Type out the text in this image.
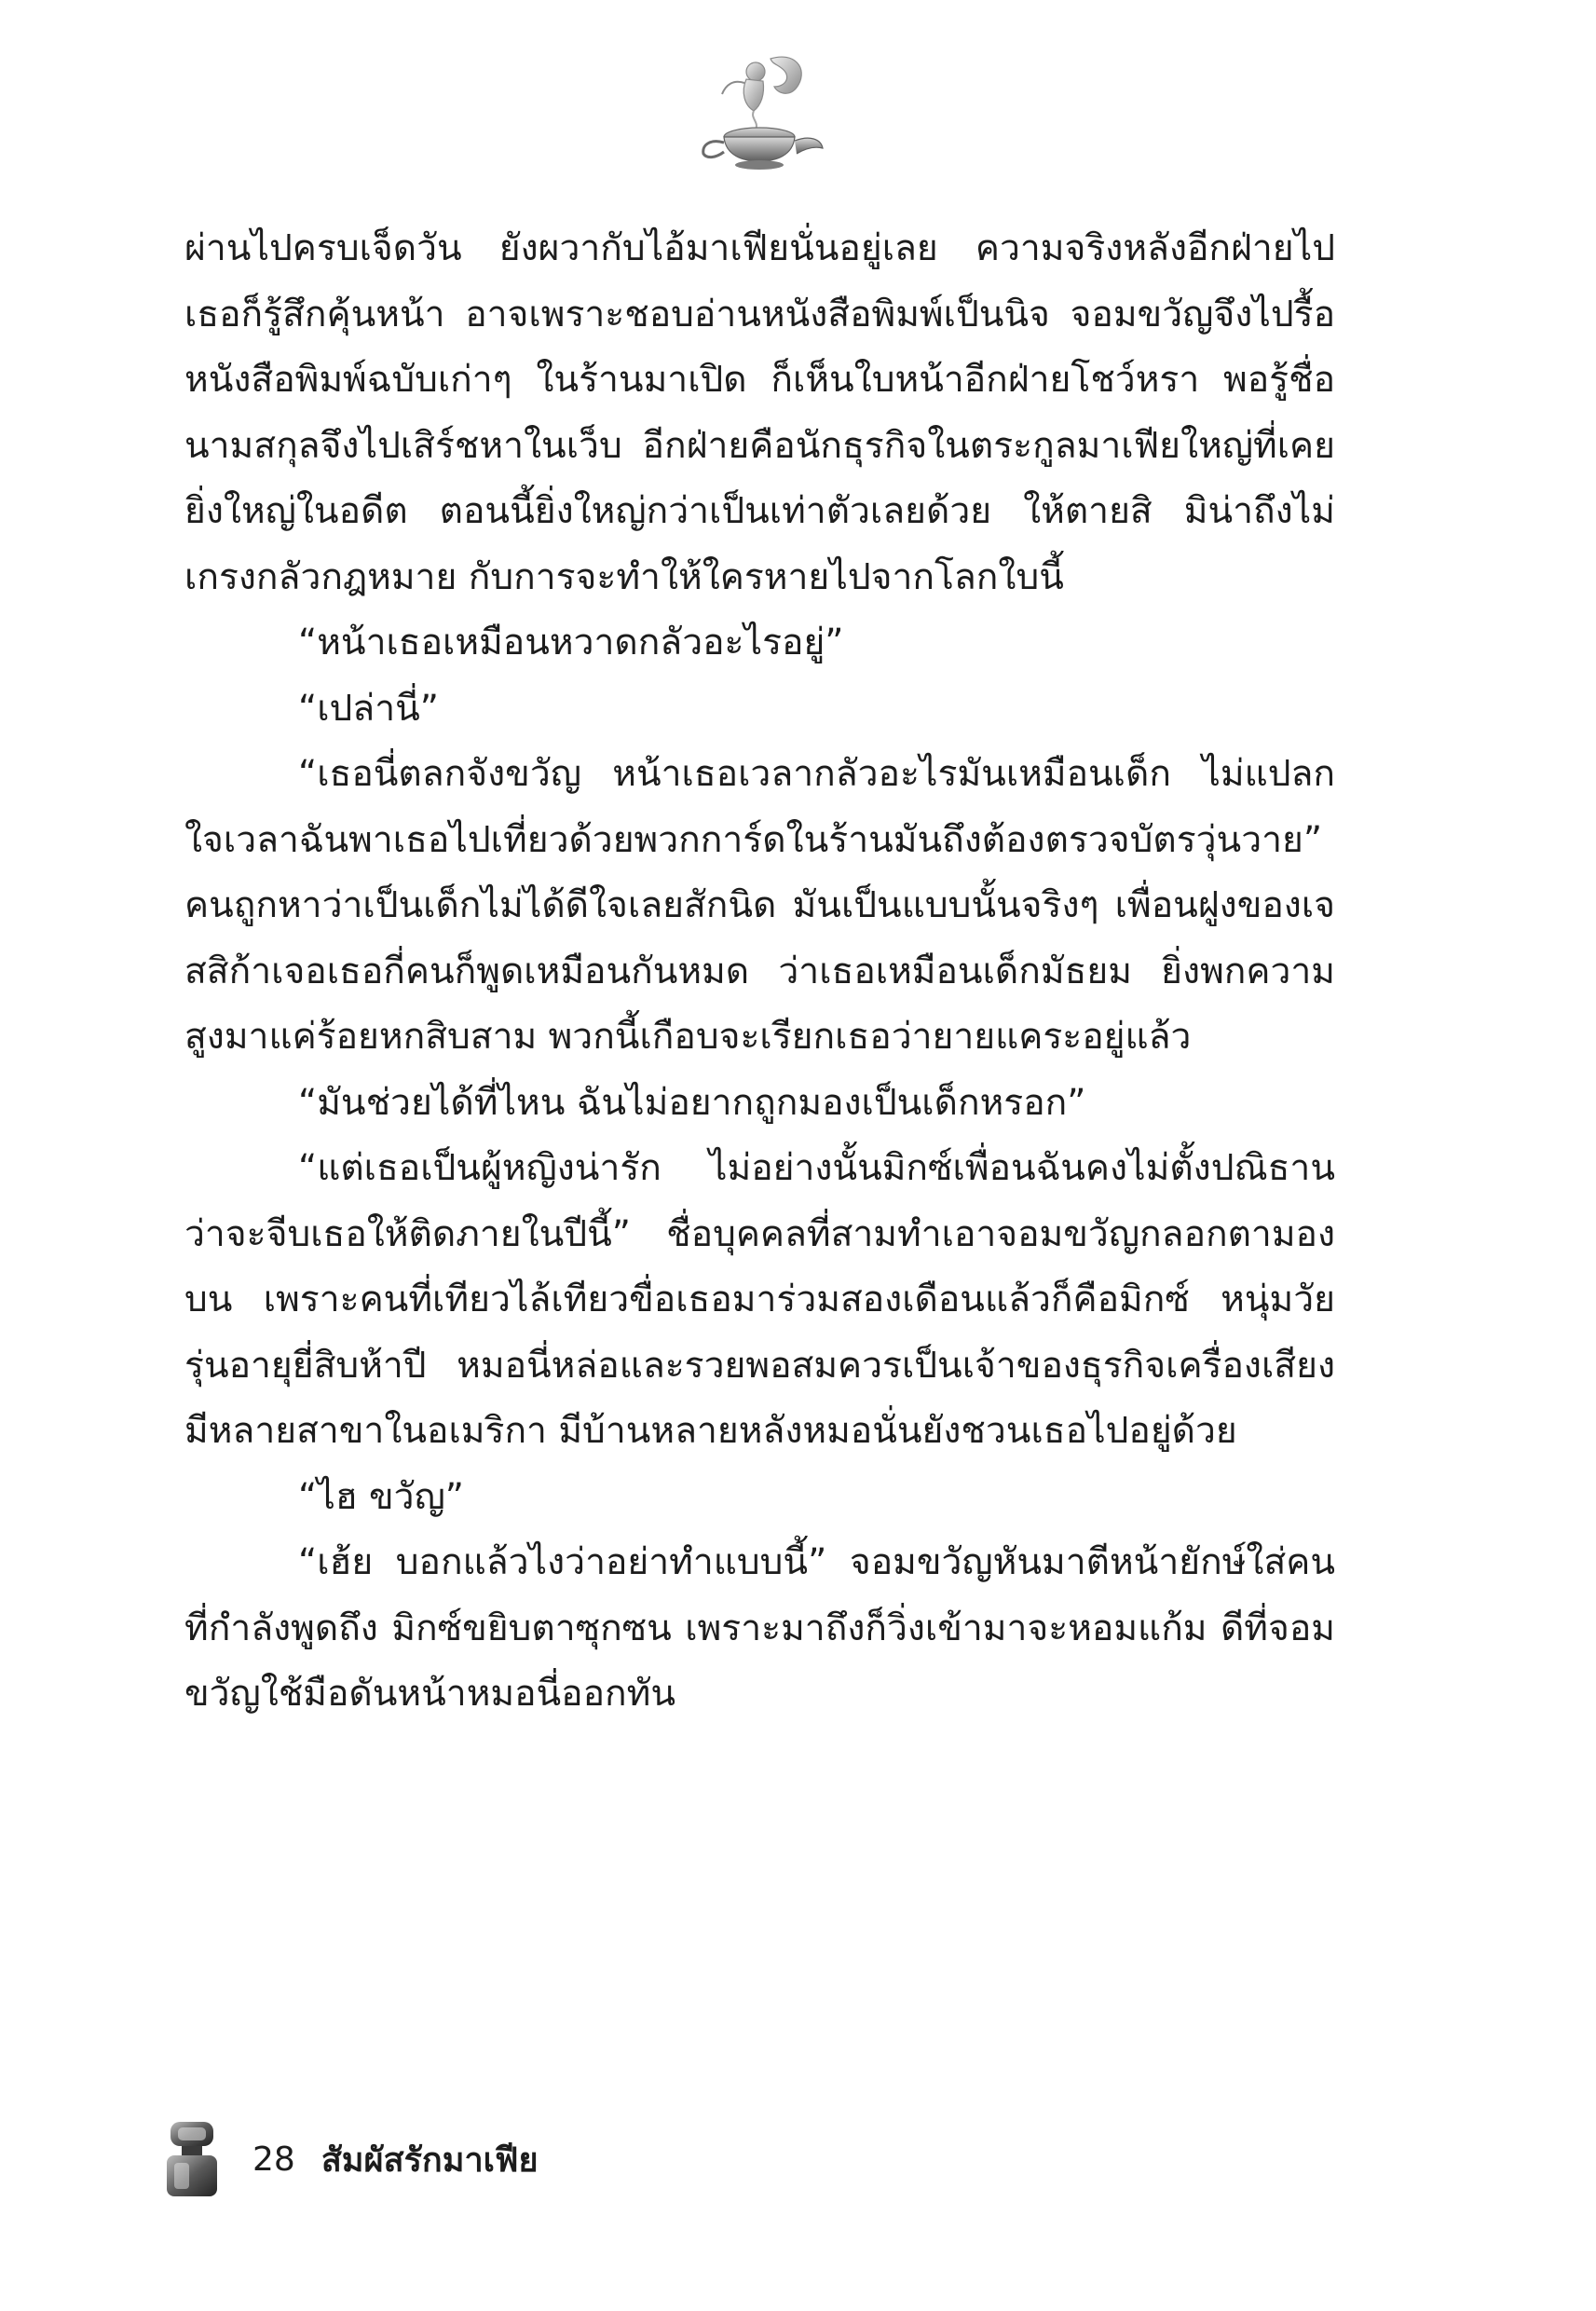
ผ่านไปครบเจ็ดวัน ยังผวากับไอ้มาเฟียนั่นอยู่เลย ความจริงหลังอีกฝ่ายไปเธอก็รู้สึกคุ้นหน้า อาจเพราะชอบอ่านหนังสือพิมพ์เป็นนิจ จอมขวัญจึงไปรื้อหนังสือพิมพ์ฉบับเก่าๆ ในร้านมาเปิด ก็เห็นใบหน้าอีกฝ่ายโชว์หรา พอรู้ชื่อนามสกุลจึงไปเสิร์ชหาในเว็บ อีกฝ่ายคือนักธุรกิจในตระกูลมาเฟียใหญ่ที่เคยยิ่งใหญ่ในอดีต ตอนนี้ยิ่งใหญ่กว่าเป็นเท่าตัวเลยด้วย ให้ตายสิ มิน่าถึงไม่เกรงกลัวกฎหมาย กับการจะทำให้ใครหายไปจากโลกใบนี้

“หน้าเธอเหมือนหวาดกลัวอะไรอยู่”

“เปล่านี่”

“เธอนี่ตลกจังขวัญ หน้าเธอเวลากลัวอะไรมันเหมือนเด็ก ไม่แปลกใจเวลาฉันพาเธอไปเที่ยวด้วยพวกการ์ดในร้านมันถึงต้องตรวจบัตรวุ่นวาย” คนถูกหาว่าเป็นเด็กไม่ได้ดีใจเลยสักนิด มันเป็นแบบนั้นจริงๆ เพื่อนฝูงของเจสสิก้าเจอเธอกี่คนก็พูดเหมือนกันหมด ว่าเธอเหมือนเด็กมัธยม ยิ่งพกความสูงมาแค่ร้อยหกสิบสาม พวกนี้เกือบจะเรียกเธอว่ายายแคระอยู่แล้ว

“มันช่วยได้ที่ไหน ฉันไม่อยากถูกมองเป็นเด็กหรอก”

“แต่เธอเป็นผู้หญิงน่ารัก ไม่อย่างนั้นมิกซ์เพื่อนฉันคงไม่ตั้งปณิธานว่าจะจีบเธอให้ติดภายในปีนี้” ชื่อบุคคลที่สามทำเอาจอมขวัญกลอกตามองบน เพราะคนที่เทียวไล้เทียวขื่อเธอมาร่วมสองเดือนแล้วก็คือมิกซ์ หนุ่มวัยรุ่นอายุยี่สิบห้าปี หมอนี่หล่อและรวยพอสมควรเป็นเจ้าของธุรกิจเครื่องเสียงมีหลายสาขาในอเมริกา มีบ้านหลายหลังหมอนั่นยังชวนเธอไปอยู่ด้วย

“ไฮ ขวัญ”

“เฮ้ย บอกแล้วไงว่าอย่าทำแบบนี้” จอมขวัญหันมาตีหน้ายักษ์ใส่คนที่กำลังพูดถึง มิกซ์ขยิบตาซุกซน เพราะมาถึงก็วิ่งเข้ามาจะหอมแก้ม ดีที่จอมขวัญใช้มือดันหน้าหมอนี่ออกทัน

28 สัมผัสรักมาเฟีย
